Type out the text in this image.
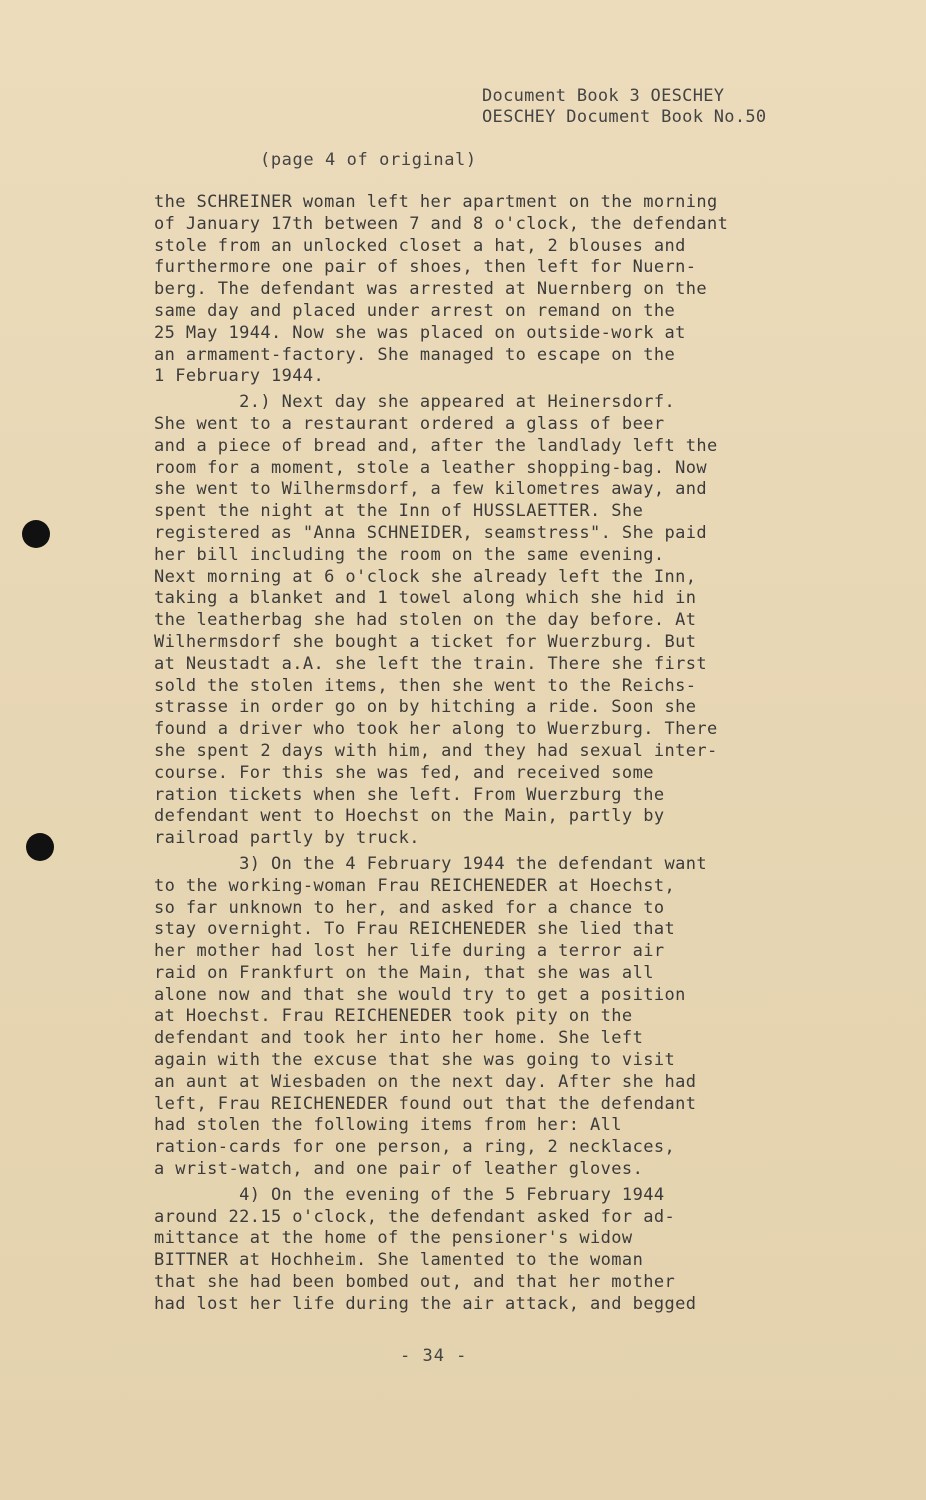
Document Book 3 OESCHEY
OESCHEY Document Book No.50
(page 4 of original)
the SCHREINER woman left her apartment on the morning
of January 17th between 7 and 8 o'clock, the defendant
stole from an unlocked closet a hat, 2 blouses and
furthermore one pair of shoes, then left for Nuern-
berg. The defendant was arrested at Nuernberg on the
same day and placed under arrest on remand on the
25 May 1944. Now she was placed on outside-work at
an armament-factory. She managed to escape on the
1 February 1944.
2.) Next day she appeared at Heinersdorf.
She went to a restaurant ordered a glass of beer
and a piece of bread and, after the landlady left the
room for a moment, stole a leather shopping-bag. Now
she went to Wilhermsdorf, a few kilometres away, and
spent the night at the Inn of HUSSLAETTER. She
registered as "Anna SCHNEIDER, seamstress". She paid
her bill including the room on the same evening.
Next morning at 6 o'clock she already left the Inn,
taking a blanket and 1 towel along which she hid in
the leatherbag she had stolen on the day before. At
Wilhermsdorf she bought a ticket for Wuerzburg. But
at Neustadt a.A. she left the train. There she first
sold the stolen items, then she went to the Reichs-
strasse in order go on by hitching a ride. Soon she
found a driver who took her along to Wuerzburg. There
she spent 2 days with him, and they had sexual inter-
course. For this she was fed, and received some
ration tickets when she left. From Wuerzburg the
defendant went to Hoechst on the Main, partly by
railroad partly by truck.
3) On the 4 February 1944 the defendant want
to the working-woman Frau REICHENEDER at Hoechst,
so far unknown to her, and asked for a chance to
stay overnight. To Frau REICHENEDER she lied that
her mother had lost her life during a terror air
raid on Frankfurt on the Main, that she was all
alone now and that she would try to get a position
at Hoechst. Frau REICHENEDER took pity on the
defendant and took her into her home. She left
again with the excuse that she was going to visit
an aunt at Wiesbaden on the next day. After she had
left, Frau REICHENEDER found out that the defendant
had stolen the following items from her: All
ration-cards for one person, a ring, 2 necklaces,
a wrist-watch, and one pair of leather gloves.
4) On the evening of the 5 February 1944
around 22.15 o'clock, the defendant asked for ad-
mittance at the home of the pensioner's widow
BITTNER at Hochheim. She lamented to the woman
that she had been bombed out, and that her mother
had lost her life during the air attack, and begged
- 34 -
